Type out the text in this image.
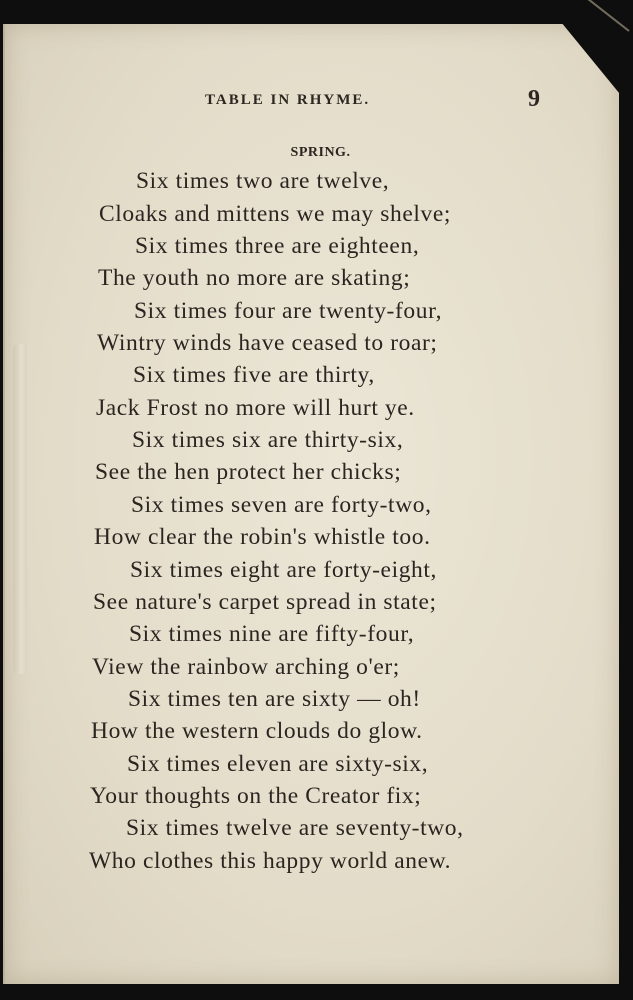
TABLE IN RHYME.	9
SPRING.
Six times two are twelve,
Cloaks and mittens we may shelve;
Six times three are eighteen,
The youth no more are skating;
Six times four are twenty-four,
Wintry winds have ceased to roar;
Six times five are thirty,
Jack Frost no more will hurt ye.
Six times six are thirty-six,
See the hen protect her chicks;
Six times seven are forty-two,
How clear the robin's whistle too.
Six times eight are forty-eight,
See nature's carpet spread in state;
Six times nine are fifty-four,
View the rainbow arching o'er;
Six times ten are sixty — oh!
How the western clouds do glow.
Six times eleven are sixty-six,
Your thoughts on the Creator fix;
Six times twelve are seventy-two,
Who clothes this happy world anew.
